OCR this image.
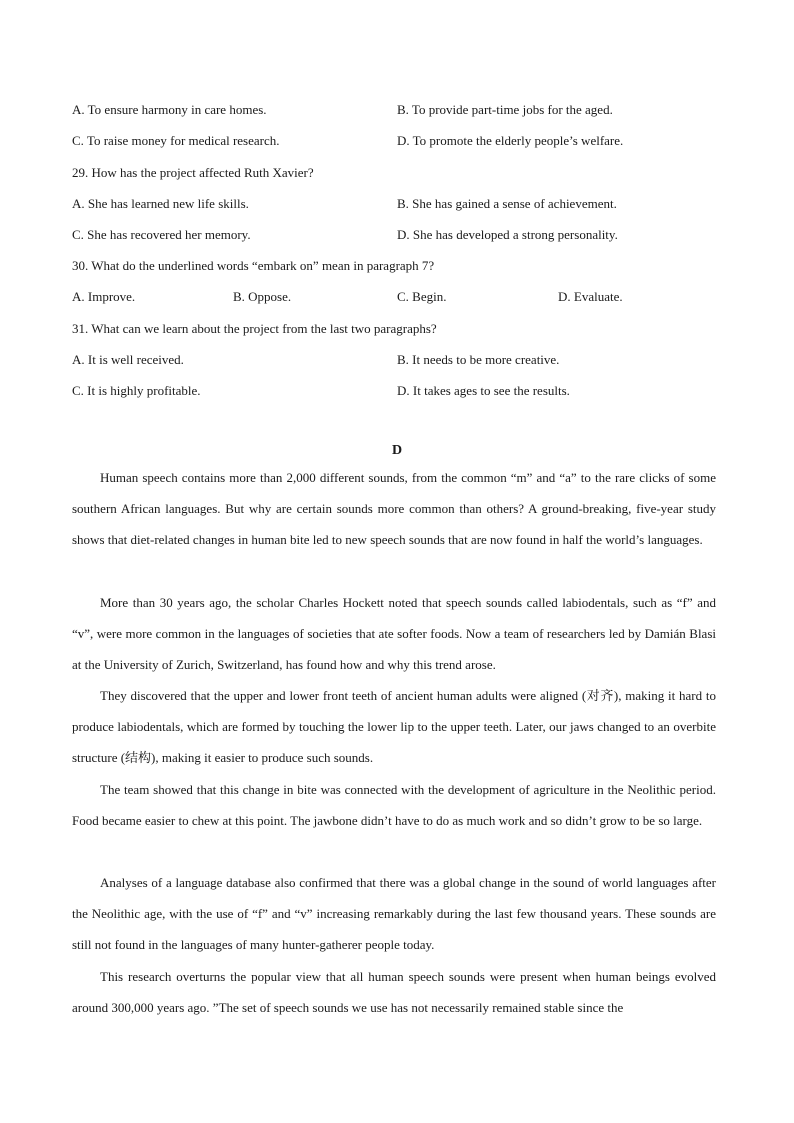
A. To ensure harmony in care homes.	B. To provide part-time jobs for the aged.
C. To raise money for medical research.	D. To promote the elderly people’s welfare.
29. How has the project affected Ruth Xavier?
A. She has learned new life skills.	B. She has gained a sense of achievement.
C. She has recovered her memory.	D. She has developed a strong personality.
30. What do the underlined words “embark on” mean in paragraph 7?
A. Improve.	B. Oppose.	C. Begin.	D. Evaluate.
31. What can we learn about the project from the last two paragraphs?
A. It is well received.	B. It needs to be more creative.
C. It is highly profitable.	D. It takes ages to see the results.
D

Human speech contains more than 2,000 different sounds, from the common “m” and “a” to the rare clicks of some southern African languages. But why are certain sounds more common than others? A ground-breaking, five-year study shows that diet-related changes in human bite led to new speech sounds that are now found in half the world’s languages.

More than 30 years ago, the scholar Charles Hockett noted that speech sounds called labiodentals, such as “f” and “v”, were more common in the languages of societies that ate softer foods. Now a team of researchers led by Damián Blasi at the University of Zurich, Switzerland, has found how and why this trend arose.

They discovered that the upper and lower front teeth of ancient human adults were aligned (对齐), making it hard to produce labiodentals, which are formed by touching the lower lip to the upper teeth. Later, our jaws changed to an overbite structure (结构), making it easier to produce such sounds.

The team showed that this change in bite was connected with the development of agriculture in the Neolithic period. Food became easier to chew at this point. The jawbone didn’t have to do as much work and so didn’t grow to be so large.

Analyses of a language database also confirmed that there was a global change in the sound of world languages after the Neolithic age, with the use of “f” and “v” increasing remarkably during the last few thousand years. These sounds are still not found in the languages of many hunter-gatherer people today.

This research overturns the popular view that all human speech sounds were present when human beings evolved around 300,000 years ago. ”The set of speech sounds we use has not necessarily remained stable since the
